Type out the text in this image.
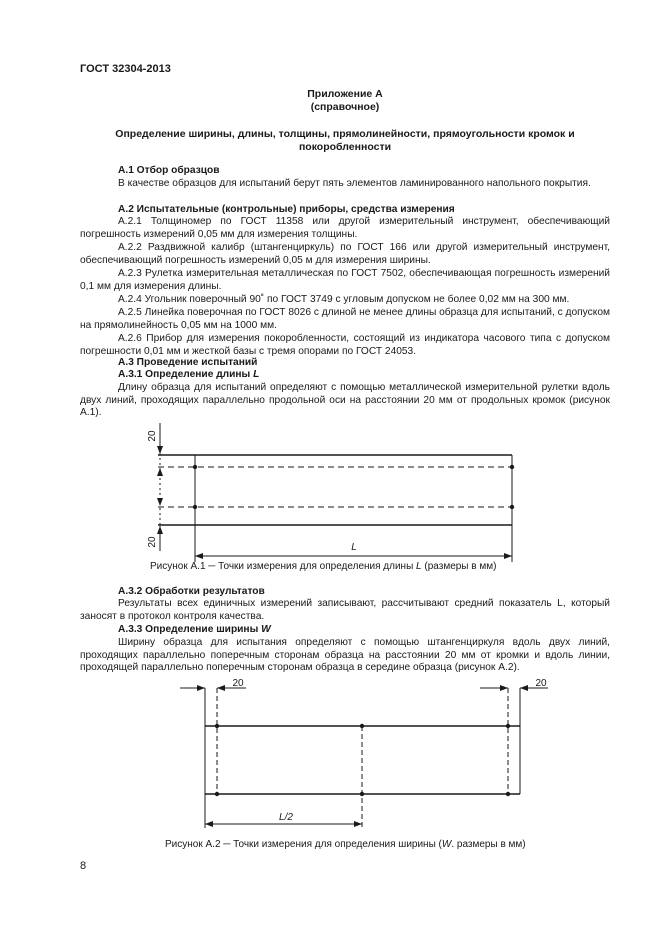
ГОСТ 32304-2013
Приложение А
(справочное)
Определение ширины, длины, толщины, прямолинейности, прямоугольности кромок и
покоробленности
А.1 Отбор образцов
В качестве образцов для испытаний берут пять элементов ламинированного напольного покрытия.
А.2 Испытательные (контрольные) приборы, средства измерения
А.2.1 Толщиномер по ГОСТ 11358 или другой измерительный инструмент, обеспечивающий погрешность измерений 0,05 мм для измерения толщины.
А.2.2 Раздвижной калибр (штангенциркуль) по ГОСТ 166 или другой измерительный инструмент, обеспечивающий погрешность измерений 0,05 м для измерения ширины.
А.2.3 Рулетка измерительная металлическая по ГОСТ 7502, обеспечивающая погрешность измерений 0,1 мм для измерения длины.
А.2.4 Угольник поверочный 90˚ по ГОСТ 3749 с угловым допуском не более 0,02 мм на 300 мм.
А.2.5 Линейка поверочная по ГОСТ 8026 с длиной не менее длины образца для испытаний, с допуском на прямолинейность 0,05 мм на 1000 мм.
А.2.6 Прибор для измерения покоробленности, состоящий из индикатора часового типа с допуском погрешности 0,01 мм и жесткой базы с тремя опорами по ГОСТ 24053.
А.3 Проведение испытаний
А.3.1 Определение длины L
Длину образца для испытаний определяют с помощью металлической измерительной рулетки вдоль двух линий, проходящих параллельно продольной оси на расстоянии 20 мм от продольных кромок (рисунок А.1).
20
20	L
Рисунок А.1 ─ Точки измерения для определения длины L (размеры в мм)
А.3.2 Обработки результатов
Результаты всех единичных измерений записывают, рассчитывают средний показатель L, который заносят в протокол контроля качества.
А.3.3 Определение ширины W
Ширину образца для испытания определяют с помощью штангенциркуля вдоль двух линий, проходящих параллельно поперечным сторонам образца на расстоянии 20 мм от кромки и вдоль линии, проходящей параллельно поперечным сторонам образца в середине образца (рисунок А.2).
20	20
L/2
Рисунок А.2 ─ Точки измерения для определения ширины (W. размеры в мм)
8
